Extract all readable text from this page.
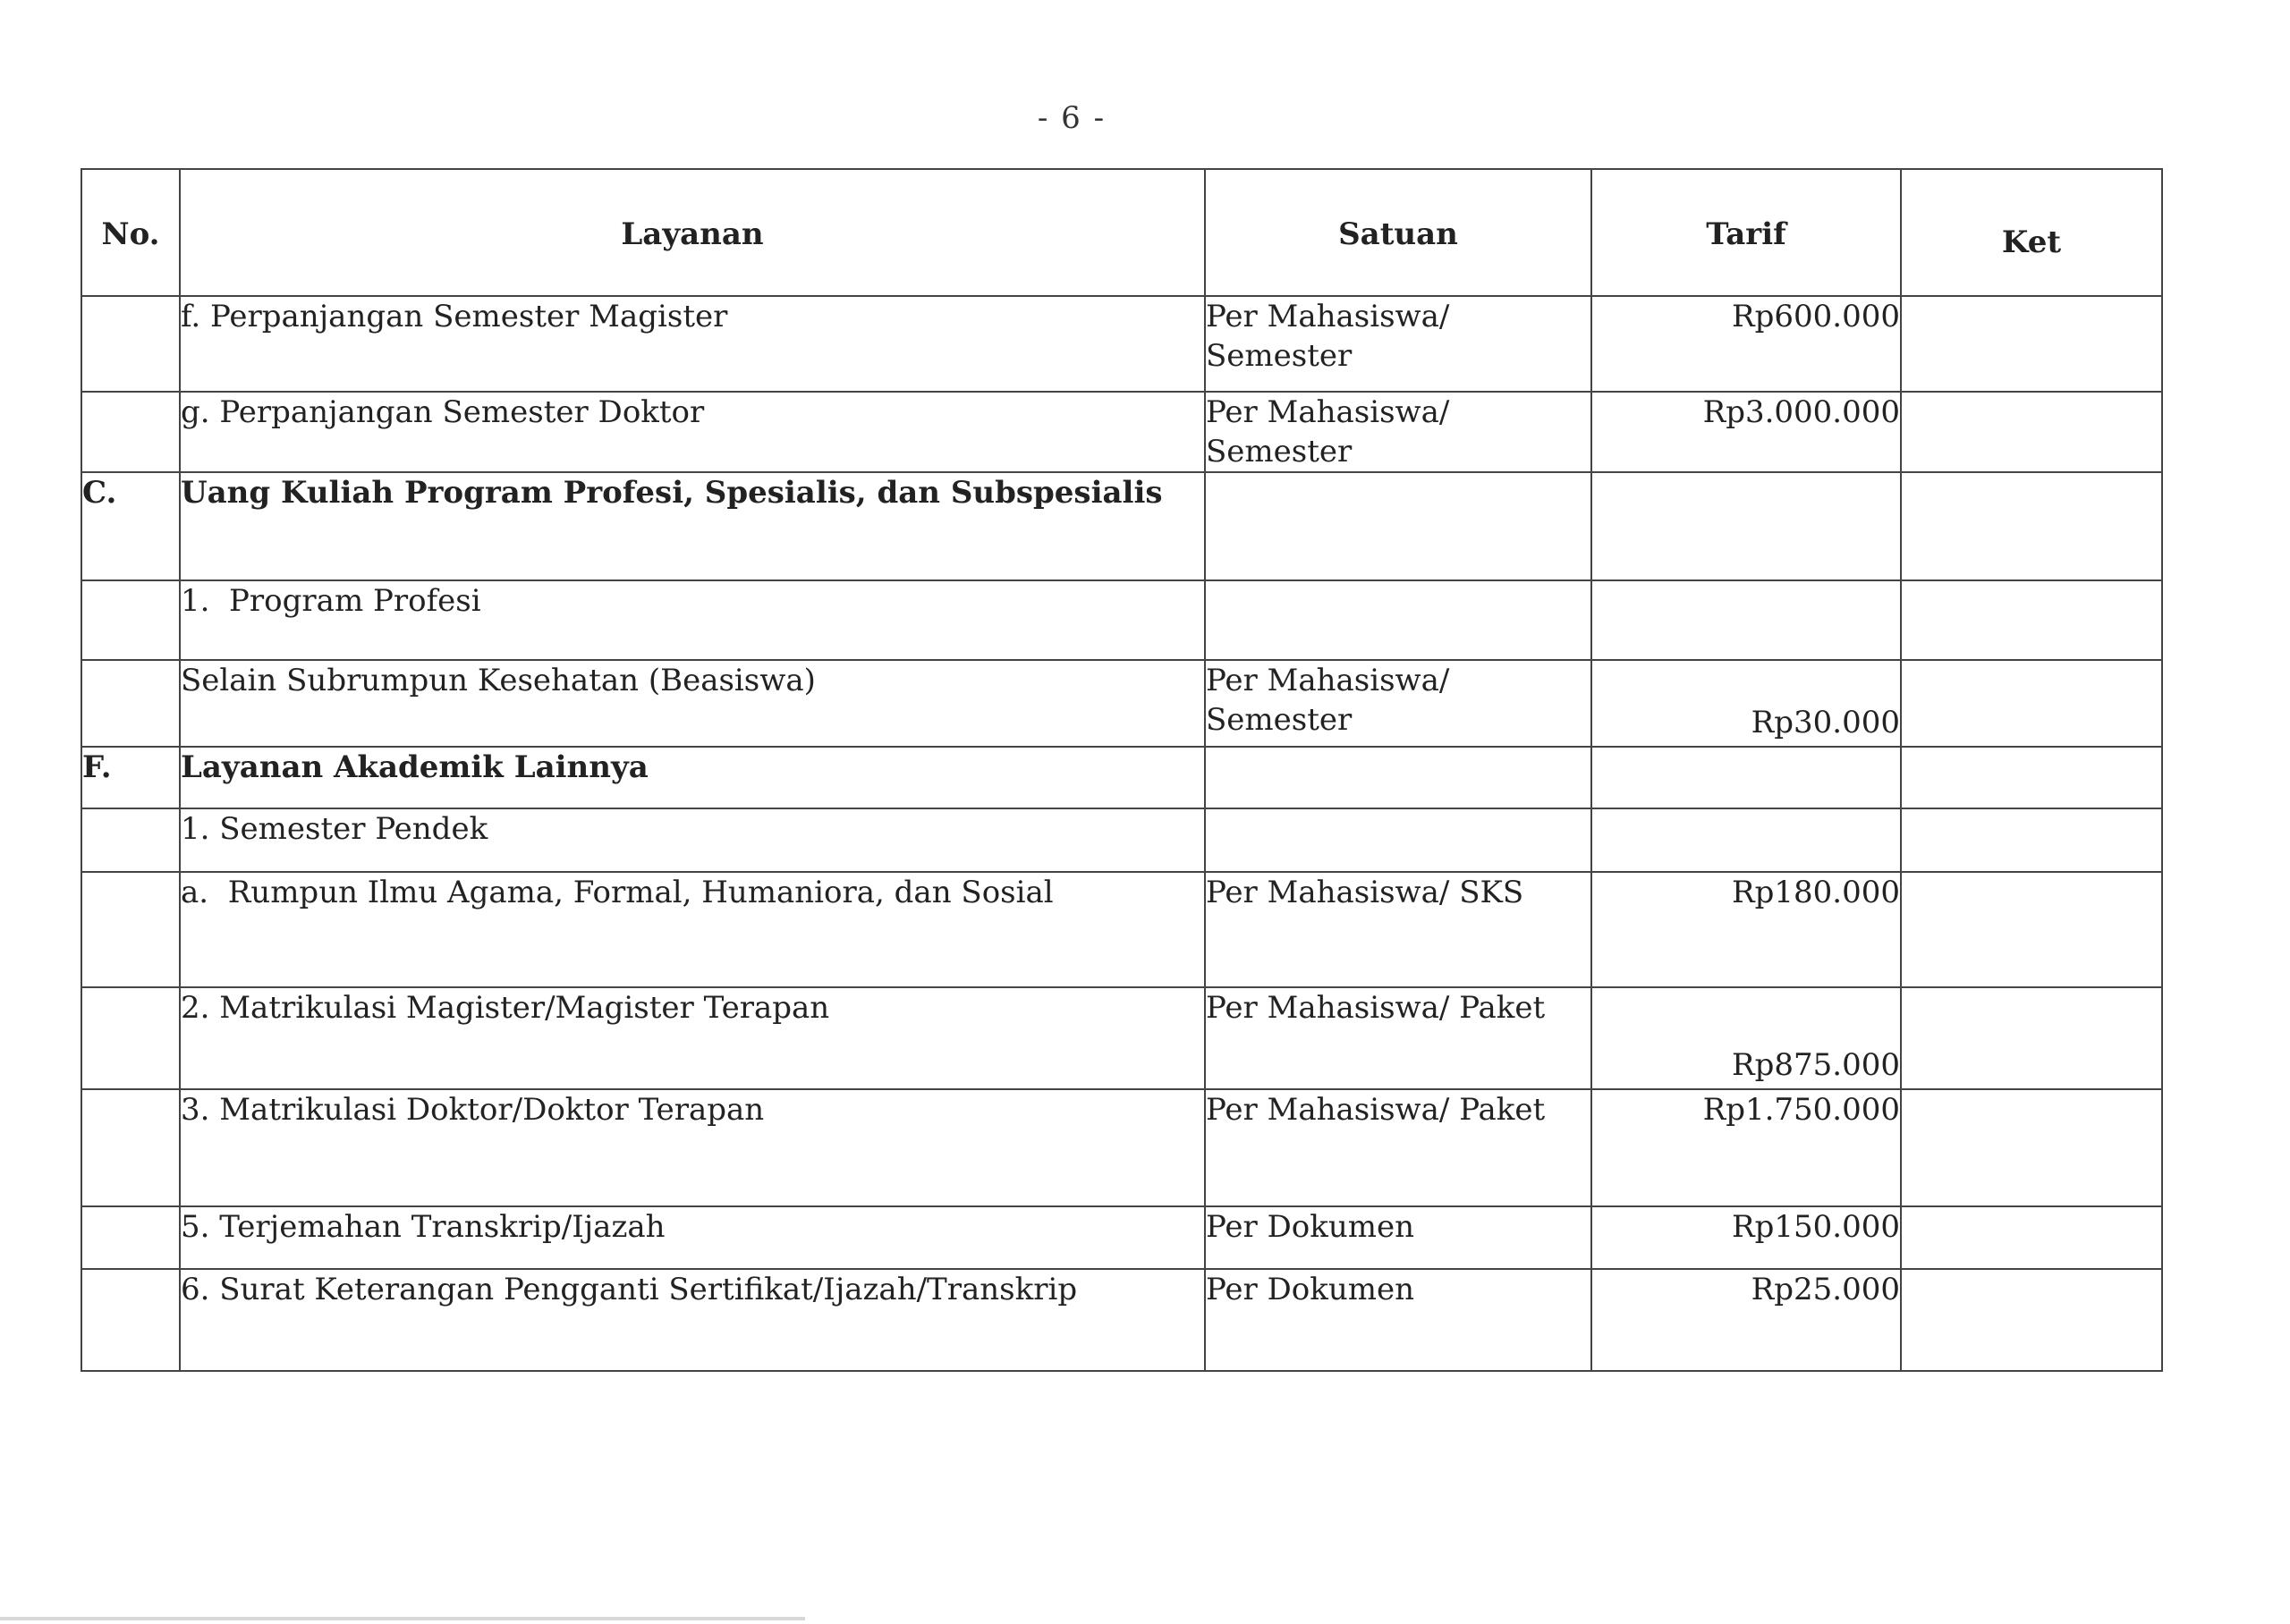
- 6 -
No.	Layanan	Satuan	Tarif	Ket
	f. Perpanjangan Semester Magister	Per Mahasiswa/ Semester	Rp600.000	
	g. Perpanjangan Semester Doktor	Per Mahasiswa/ Semester	Rp3.000.000	
C.	Uang Kuliah Program Profesi, Spesialis, dan Subspesialis			
	1.  Program Profesi			
	Selain Subrumpun Kesehatan (Beasiswa)	Per Mahasiswa/ Semester	Rp30.000	
F.	Layanan Akademik Lainnya			
	1. Semester Pendek			
	a.  Rumpun Ilmu Agama, Formal, Humaniora, dan Sosial	Per Mahasiswa/ SKS	Rp180.000	
	2. Matrikulasi Magister/Magister Terapan	Per Mahasiswa/ Paket	Rp875.000	
	3. Matrikulasi Doktor/Doktor Terapan	Per Mahasiswa/ Paket	Rp1.750.000	
	5. Terjemahan Transkrip/Ijazah	Per Dokumen	Rp150.000	
	6. Surat Keterangan Pengganti Sertifikat/Ijazah/Transkrip	Per Dokumen	Rp25.000	
